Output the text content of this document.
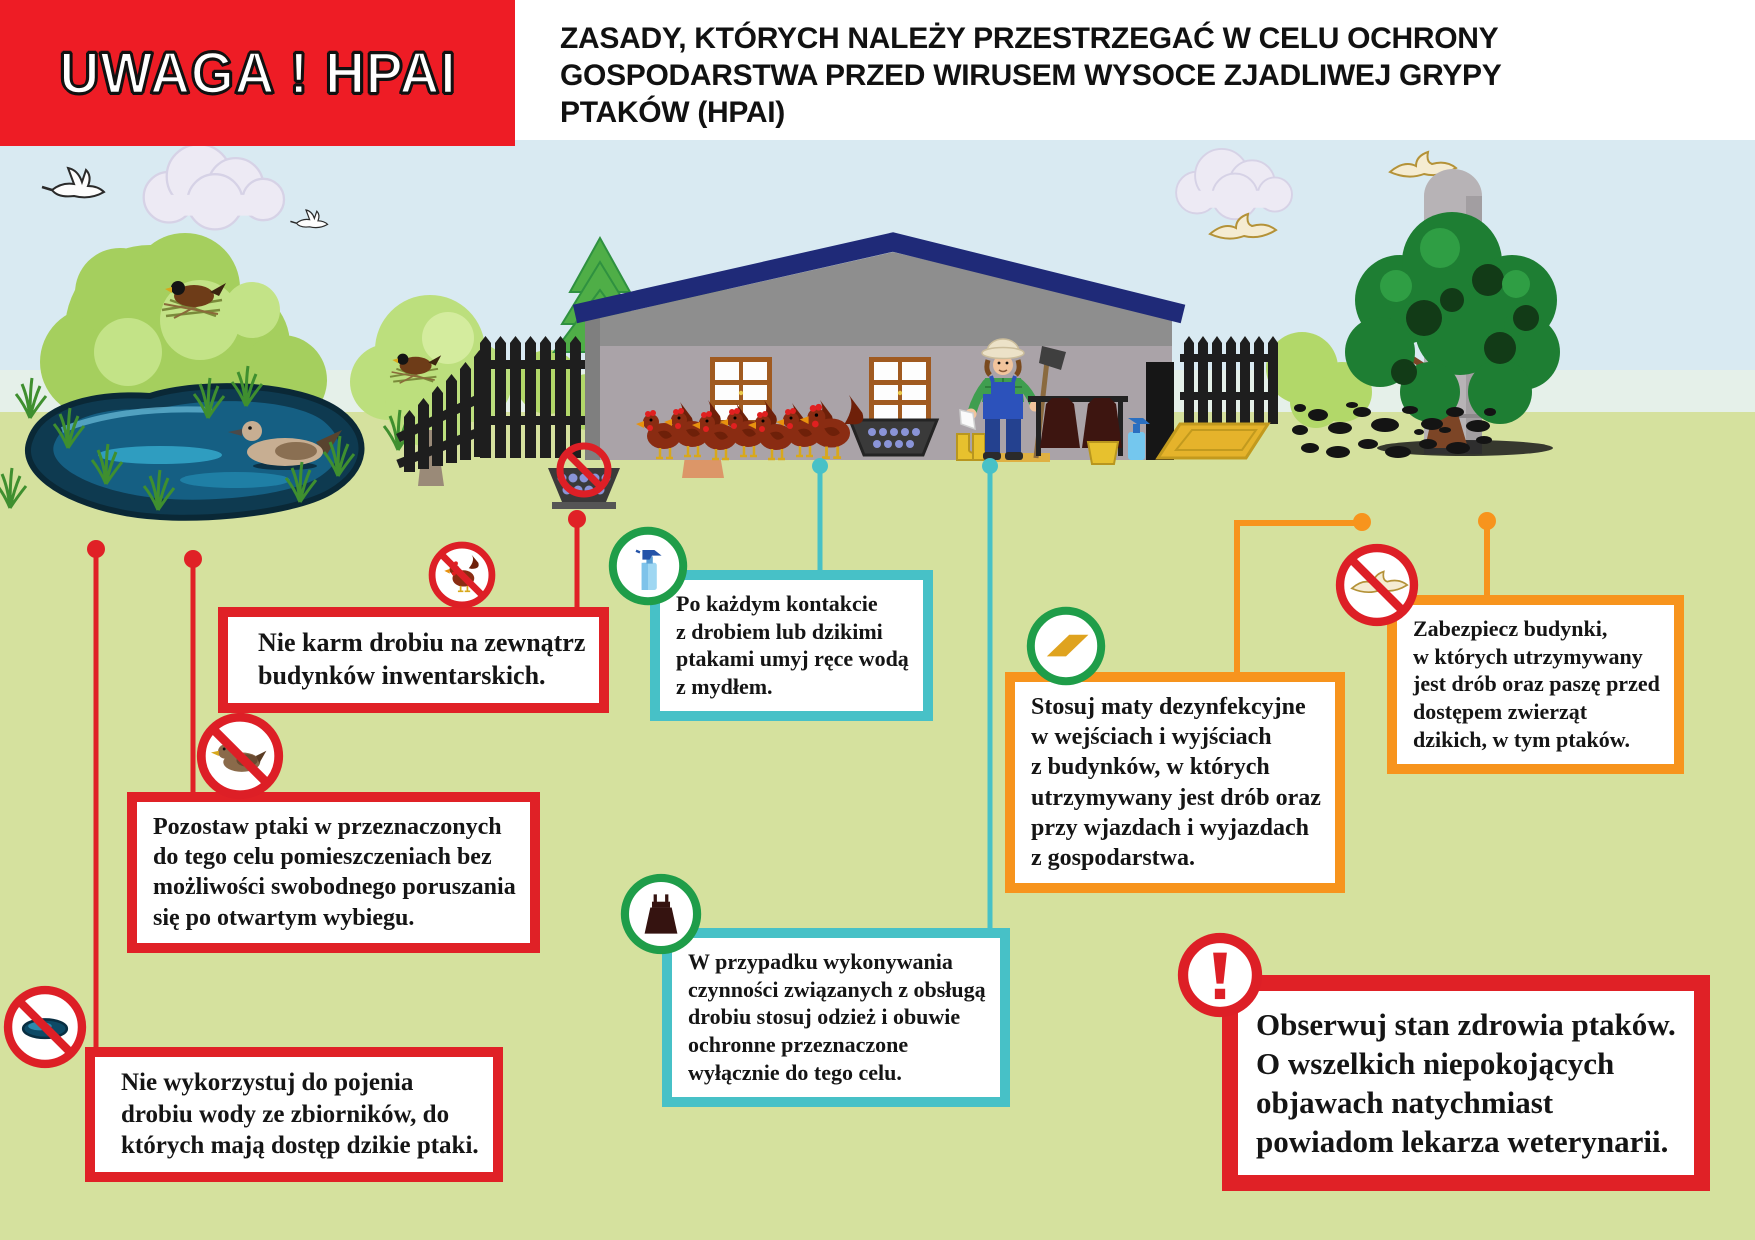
UWAGA ! HPAI
ZASADY, KTÓRYCH NALEŻY PRZESTRZEGAĆ W CELU OCHRONY
GOSPODARSTWA PRZED WIRUSEM WYSOCE ZJADLIWEJ GRYPY
PTAKÓW (HPAI)
Nie karm drobiu na zewnątrz
budynków inwentarskich.
Po każdym kontakcie
z drobiem lub dzikimi
ptakami umyj ręce wodą
z mydłem.
Pozostaw ptaki w przeznaczonych
do tego celu pomieszczeniach bez
możliwości swobodnego poruszania
się po otwartym wybiegu.
Stosuj maty dezynfekcyjne
w wejściach i wyjściach
z budynków, w których
utrzymywany jest drób oraz
przy wjazdach i wyjazdach
z gospodarstwa.
Zabezpiecz budynki,
w których utrzymywany
jest drób oraz paszę przed
dostępem zwierząt
dzikich, w tym ptaków.
W przypadku wykonywania
czynności związanych z obsługą
drobiu stosuj odzież i obuwie
ochronne przeznaczone
wyłącznie do tego celu.
Nie wykorzystuj do pojenia
drobiu wody ze zbiorników, do
których mają dostęp dzikie ptaki.
Obserwuj stan zdrowia ptaków.
O wszelkich niepokojących
objawach natychmiast
powiadom lekarza weterynarii.
